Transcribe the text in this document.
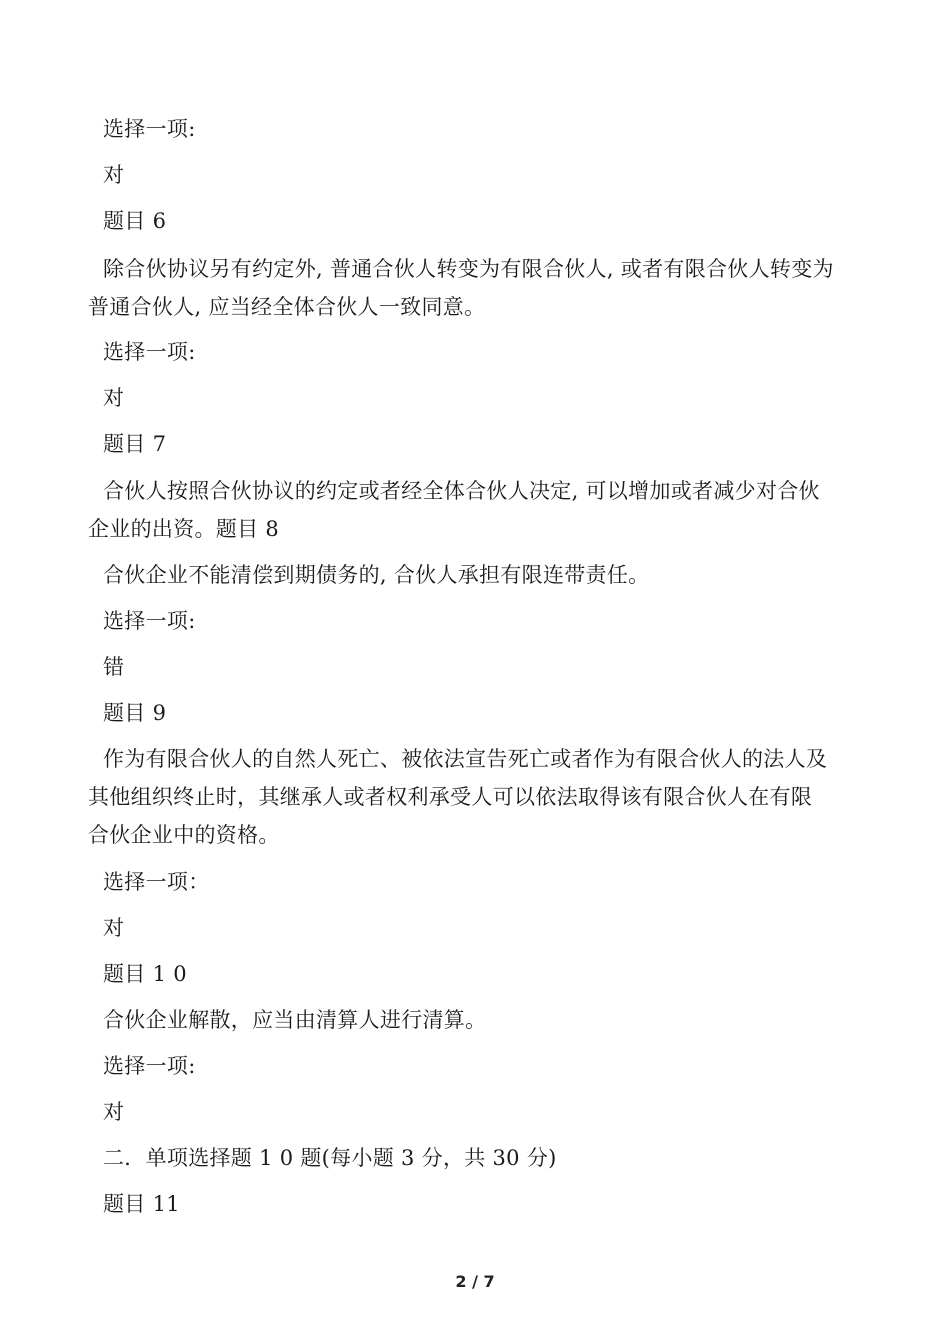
选择一项:
对
题目 6
除合伙协议另有约定外, 普通合伙人转变为有限合伙人, 或者有限合伙人转变为
普通合伙人, 应当经全体合伙人一致同意。
选择一项:
对
题目 7
合伙人按照合伙协议的约定或者经全体合伙人决定, 可以增加或者减少对合伙
企业的出资。题目 8
合伙企业不能清偿到期债务的, 合伙人承担有限连带责任。
选择一项:
错
题目 9
作为有限合伙人的自然人死亡、被依法宣告死亡或者作为有限合伙人的法人及
其他组织终止时，其继承人或者权利承受人可以依法取得该有限合伙人在有限
合伙企业中的资格。
选择一项：
对
题目 1 0
合伙企业解散，应当由清算人进行清算。
选择一项:
对
二．单项选择题 1 0 题(每小题 3 分，共 30 分)
题目 11
2 / 7
